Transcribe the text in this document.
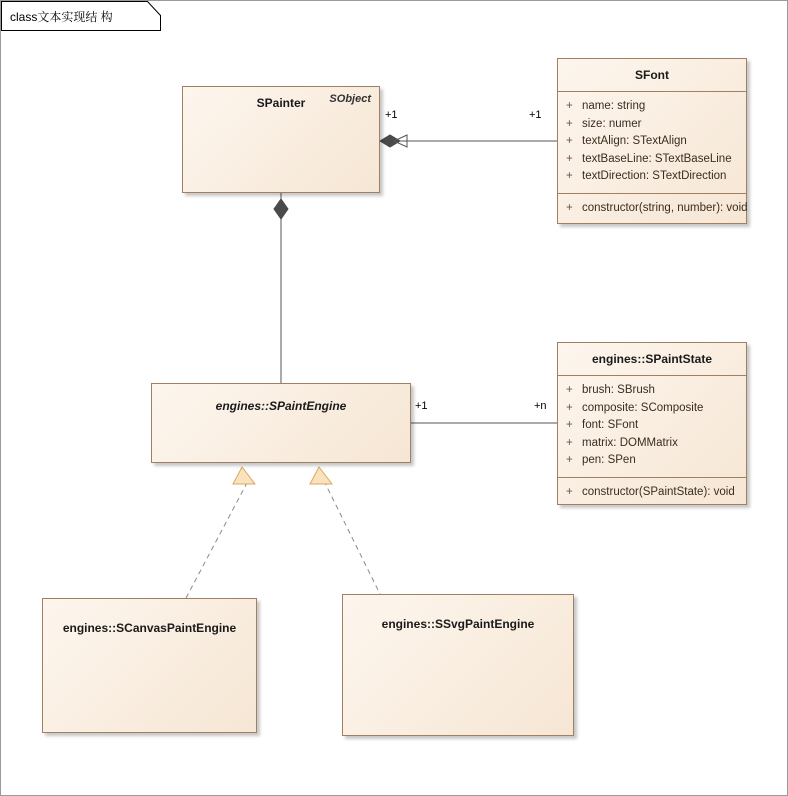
class文本实现结 构
+1	+1
+1	+n
SObject
SPainter
SFont
+ name: string
+ size: numer
+ textAlign: STextAlign
+ textBaseLine: STextBaseLine
+ textDirection: STextDirection
+ constructor(string, number): void
engines::SPaintEngine
engines::SPaintState
+ brush: SBrush
+ composite: SComposite
+ font: SFont
+ matrix: DOMMatrix
+ pen: SPen
+ constructor(SPaintState): void
engines::SCanvasPaintEngine	engines::SSvgPaintEngine
